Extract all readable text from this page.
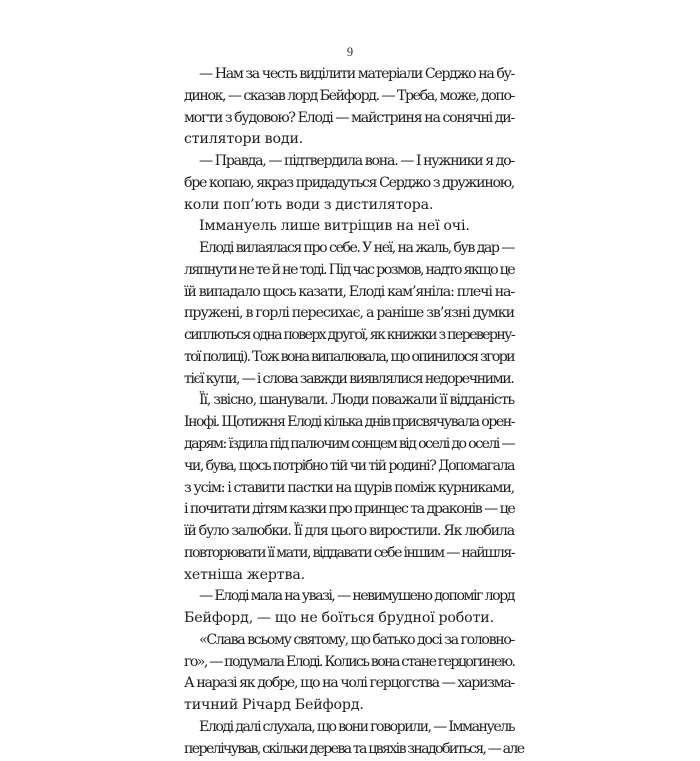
9
— Нам за честь виділити матеріали Серджо на бу-
динок, — сказав лорд Бейфорд. — Треба, може, допо-
могти з будовою? Елоді — майстриня на сонячні ди-
стилятори води.
— Правда, — підтвердила вона. — І нужники я до-
бре копаю, якраз придадуться Серджо з дружиною,
коли поп’ють води з дистилятора.
Іммануель лише витріщив на неї очі.
Елоді вилаялася про себе. У неї, на жаль, був дар —
ляпнути не те й не тоді. Під час розмов, надто якщо це
їй випадало щось казати, Елоді кам’яніла: плечі на-
пружені, в горлі пересихає, а раніше зв’язні думки
сиплються одна поверх другої, як книжки з переверну-
тої полиці). Тож вона випалювала, що опинилося згори
тієї купи, — і слова завжди виявлялися недоречними.
Її, звісно, шанували. Люди поважали її відданість
Інофі. Щотижня Елоді кілька днів присвячувала орен-
дарям: їздила під палючим сонцем від оселі до оселі —
чи, бува, щось потрібно тій чи тій родині? Допомагала
з усім: і ставити пастки на щурів поміж курниками,
і почитати дітям казки про принцес та драконів — це
їй було залюбки. Її для цього виростили. Як любила
повторювати її мати, віддавати себе іншим — найшля-
хетніша жертва.
— Елоді мала на увазі, — невимушено допоміг лорд
Бейфорд, — що не боїться брудної роботи.
«Слава всьому святому, що батько досі за головно-
го», — подумала Елоді. Колись вона стане герцогинею.
А наразі як добре, що на чолі герцогства — харизма-
тичний Річард Бейфорд.
Елоді далі слухала, що вони говорили, — Іммануель
перелічував, скільки дерева та цвяхів знадобиться, — але
